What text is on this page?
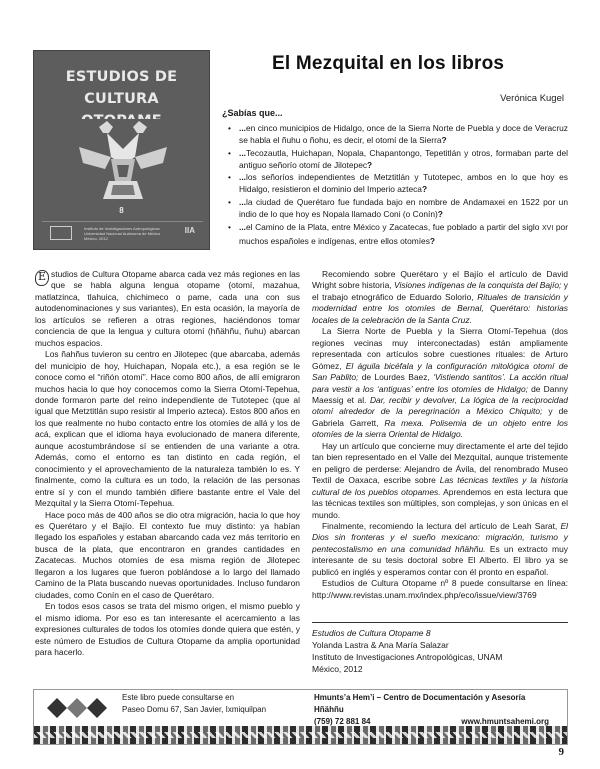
ESTUDIOS DE CULTURA
8
Instituto de Investigaciones Antropológicas
Universidad Nacional Autónoma de México
México, 2012
IIA
El Mezquital en los libros
Verónica Kugel
¿Sabías que...
• ...en cinco municipios de Hidalgo, once de la Sierra Norte de Puebla y doce de Veracruz se habla el ñuhu o ñohu, es decir, el otomí de la Sierra?
• ...Tecozautla, Huichapan, Nopala, Chapantongo, Tepetitlán y otros, formaban parte del antiguo señorío otomí de Jilotepec?
• ...los señoríos independientes de Metztitlán y Tutotepec, ambos en lo que hoy es Hidalgo, resistieron el dominio del Imperio azteca?
• ...la ciudad de Querétaro fue fundada bajo en nombre de Andamaxei en 1522 por un indio de lo que hoy es Nopala llamado Coni (o Conín)?
• ...el Camino de la Plata, entre México y Zacatecas, fue poblado a partir del siglo XVI por muchos españoles e indígenas, entre ellos otomíes?

E studios de Cultura Otopame abarca cada vez más regiones en las que se habla alguna lengua otopame (otomí, mazahua, matlatzinca, tlahuica, chichimeco o pame, cada una con sus autodenominaciones y sus variantes), En esta ocasión, la mayoría de los artículos se refieren a otras regiones, haciéndonos tomar conciencia de que la lengua y cultura otomí (hñähñu, ñuhu) abarcan muchos espacios.

Los ñahñus tuvieron su centro en Jilotepec (que abarcaba, además del municipio de hoy, Huichapan, Nopala etc.), a esa región se le conoce como el “riñón otomí”. Hace como 800 años, de allí emigraron muchos hacia lo que hoy conocemos como la Sierra Otomí-Tepehua, donde formaron parte del reino independiente de Tutotepec (que al igual que Metztitlán supo resistir al Imperio azteca). Estos 800 años en los que realmente no hubo contacto entre los otomíes de allá y los de acá, explican que el idioma haya evolucionado de manera diferente, aunque acostumbrándose sí se entienden de una variante a otra. Además, como el entorno es tan distinto en cada región, el conocimiento y el aprovechamiento de la naturaleza también lo es. Y finalmente, como la cultura es un todo, la relación de las personas entre sí y con el mundo también difiere bastante entre el Vale del Mezquital y la Sierra Otomí-Tepehua.

Hace poco más de 400 años se dio otra migración, hacia lo que hoy es Querétaro y el Bajío. El contexto fue muy distinto: ya habían llegado los españoles y estaban abarcando cada vez más territorio en busca de la plata, que encontraron en grandes cantidades en Zacatecas. Muchos otomíes de esa misma región de Jilotepec llegaron a los lugares que fueron poblándose a lo largo del llamado Camino de la Plata buscando nuevas oportunidades. Incluso fundaron ciudades, como Conín en el caso de Querétaro.

En todos esos casos se trata del mismo origen, el mismo pueblo y el mismo idioma. Por eso es tan interesante el acercamiento a las expresiones culturales de todos los otomíes donde quiera que estén, y este número de Estudios de Cultura Otopame da amplia oportunidad para hacerlo.

Recomiendo sobre Querétaro y el Bajío el artículo de David Wright sobre historia, Visiones indígenas de la conquista del Bajío; y el trabajo etnográfico de Eduardo Solorio, Rituales de transición y modernidad entre los otomíes de Bernal, Querétaro: historias locales de la celebración de la Santa Cruz.

La Sierra Norte de Puebla y la Sierra Otomí-Tepehua (dos regiones vecinas muy interconectadas) están ampliamente representada con artículos sobre cuestiones rituales: de Arturo Gómez, El águila bicéfala y la configuración mitológica otomí de San Pablito; de Lourdes Baez, ‘Vistiendo santitos’. La acción ritual para vestir a los ‘antiguas’ entre los otomíes de Hidalgo; de Danny Maessig et al. Dar, recibir y devolver, La lógica de la reciprocidad otomí alrededor de la peregrinación a México Chiquito; y de Gabriela Garrett, Ra mexa. Polisemia de un objeto entre los otomíes de la sierra Oriental de Hidalgo.

Hay un artículo que concierne muy directamente el arte del tejido tan bien representado en el Valle del Mezquital, aunque tristemente en peligro de perderse: Alejandro de Ávila, del renombrado Museo Textil de Oaxaca, escribe sobre Las técnicas textiles y la historia cultural de los pueblos otopames. Aprendemos en esta lectura que las técnicas textiles son múltiples, son complejas, y son únicas en el mundo.

Finalmente, recomiendo la lectura del artículo de Leah Sarat, El Dios sin fronteras y el sueño mexicano: migración, turismo y pentecostalismo en una comunidad hñähñu. Es un extracto muy interesante de su tesis doctoral sobre El Alberto. El libro ya se publicó en inglés y esperamos contar con él pronto en español.

Estudios de Cultura Otopame nº 8 puede consultarse en línea: http://www.revistas.unam.mx/index.php/eco/issue/view/3769

Estudios de Cultura Otopame 8
Yolanda Lastra & Ana María Salazar
Instituto de Investigaciones Antropológicas, UNAM
México, 2012
Este libro puede consultarse en
Paseo Domu 67, San Javier, Ixmiquilpan
Hmunts’a Hem’i – Centro de Documentación y Asesoría Hñähñu
(759) 72 881 84	www.hmuntsahemi.org
9
